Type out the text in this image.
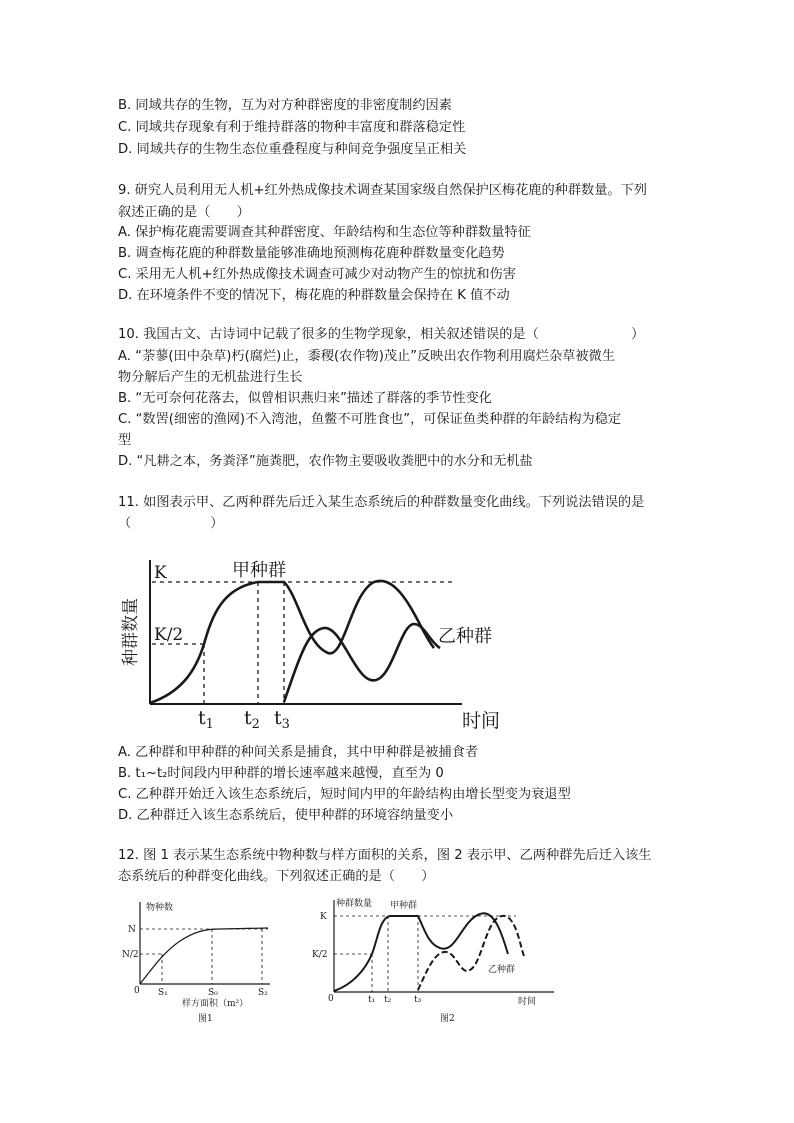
B. 同域共存的生物，互为对方种群密度的非密度制约因素
C. 同域共存现象有利于维持群落的物种丰富度和群落稳定性
D. 同域共存的生物生态位重叠程度与种间竞争强度呈正相关
9. 研究人员利用无人机+红外热成像技术调查某国家级自然保护区梅花鹿的种群数量。下列
叙述正确的是（　　）
A. 保护梅花鹿需要调查其种群密度、年龄结构和生态位等种群数量特征
B. 调查梅花鹿的种群数量能够准确地预测梅花鹿种群数量变化趋势
C. 采用无人机+红外热成像技术调查可减少对动物产生的惊扰和伤害
D. 在环境条件不变的情况下，梅花鹿的种群数量会保持在 K 值不动
10. 我国古文、古诗词中记载了很多的生物学现象，相关叙述错误的是（　　　　　　　）
A. “荼蓼(田中杂草)朽(腐烂)止，黍稷(农作物)茂止”反映出农作物利用腐烂杂草被微生
物分解后产生的无机盐进行生长
B. “无可奈何花落去，似曾相识燕归来”描述了群落的季节性变化
C. “数罟(细密的渔网)不入湾池，鱼鳖不可胜食也”，可保证鱼类种群的年龄结构为稳定
型
D. “凡耕之本，务粪泽”施粪肥，农作物主要吸收粪肥中的水分和无机盐
11. 如图表示甲、乙两种群先后迁入某生态系统后的种群数量变化曲线。下列说法错误的是
（　　　　　　）
种群数量
K
K/2
甲种群
乙种群
时间
$t_1$ $t_2$ $t_3$
A. 乙种群和甲种群的种间关系是捕食，其中甲种群是被捕食者
B. t₁~t₂时间段内甲种群的增长速率越来越慢，直至为 0
C. 乙种群开始迁入该生态系统后，短时间内甲的年龄结构由增长型变为衰退型
D. 乙种群迁入该生态系统后，使甲种群的环境容纳量变小
12. 图 1 表示某生态系统中物种数与样方面积的关系，图 2 表示甲、乙两种群先后迁入该生
态系统后的种群变化曲线。下列叙述正确的是（　　）
物种数
N
N/2
0 S₁	S₀	S₂
样方面积（m²）
图1
种群数量
K
K/2
0
甲种群
乙种群
t₁ t₂	t₃	时间
图2
